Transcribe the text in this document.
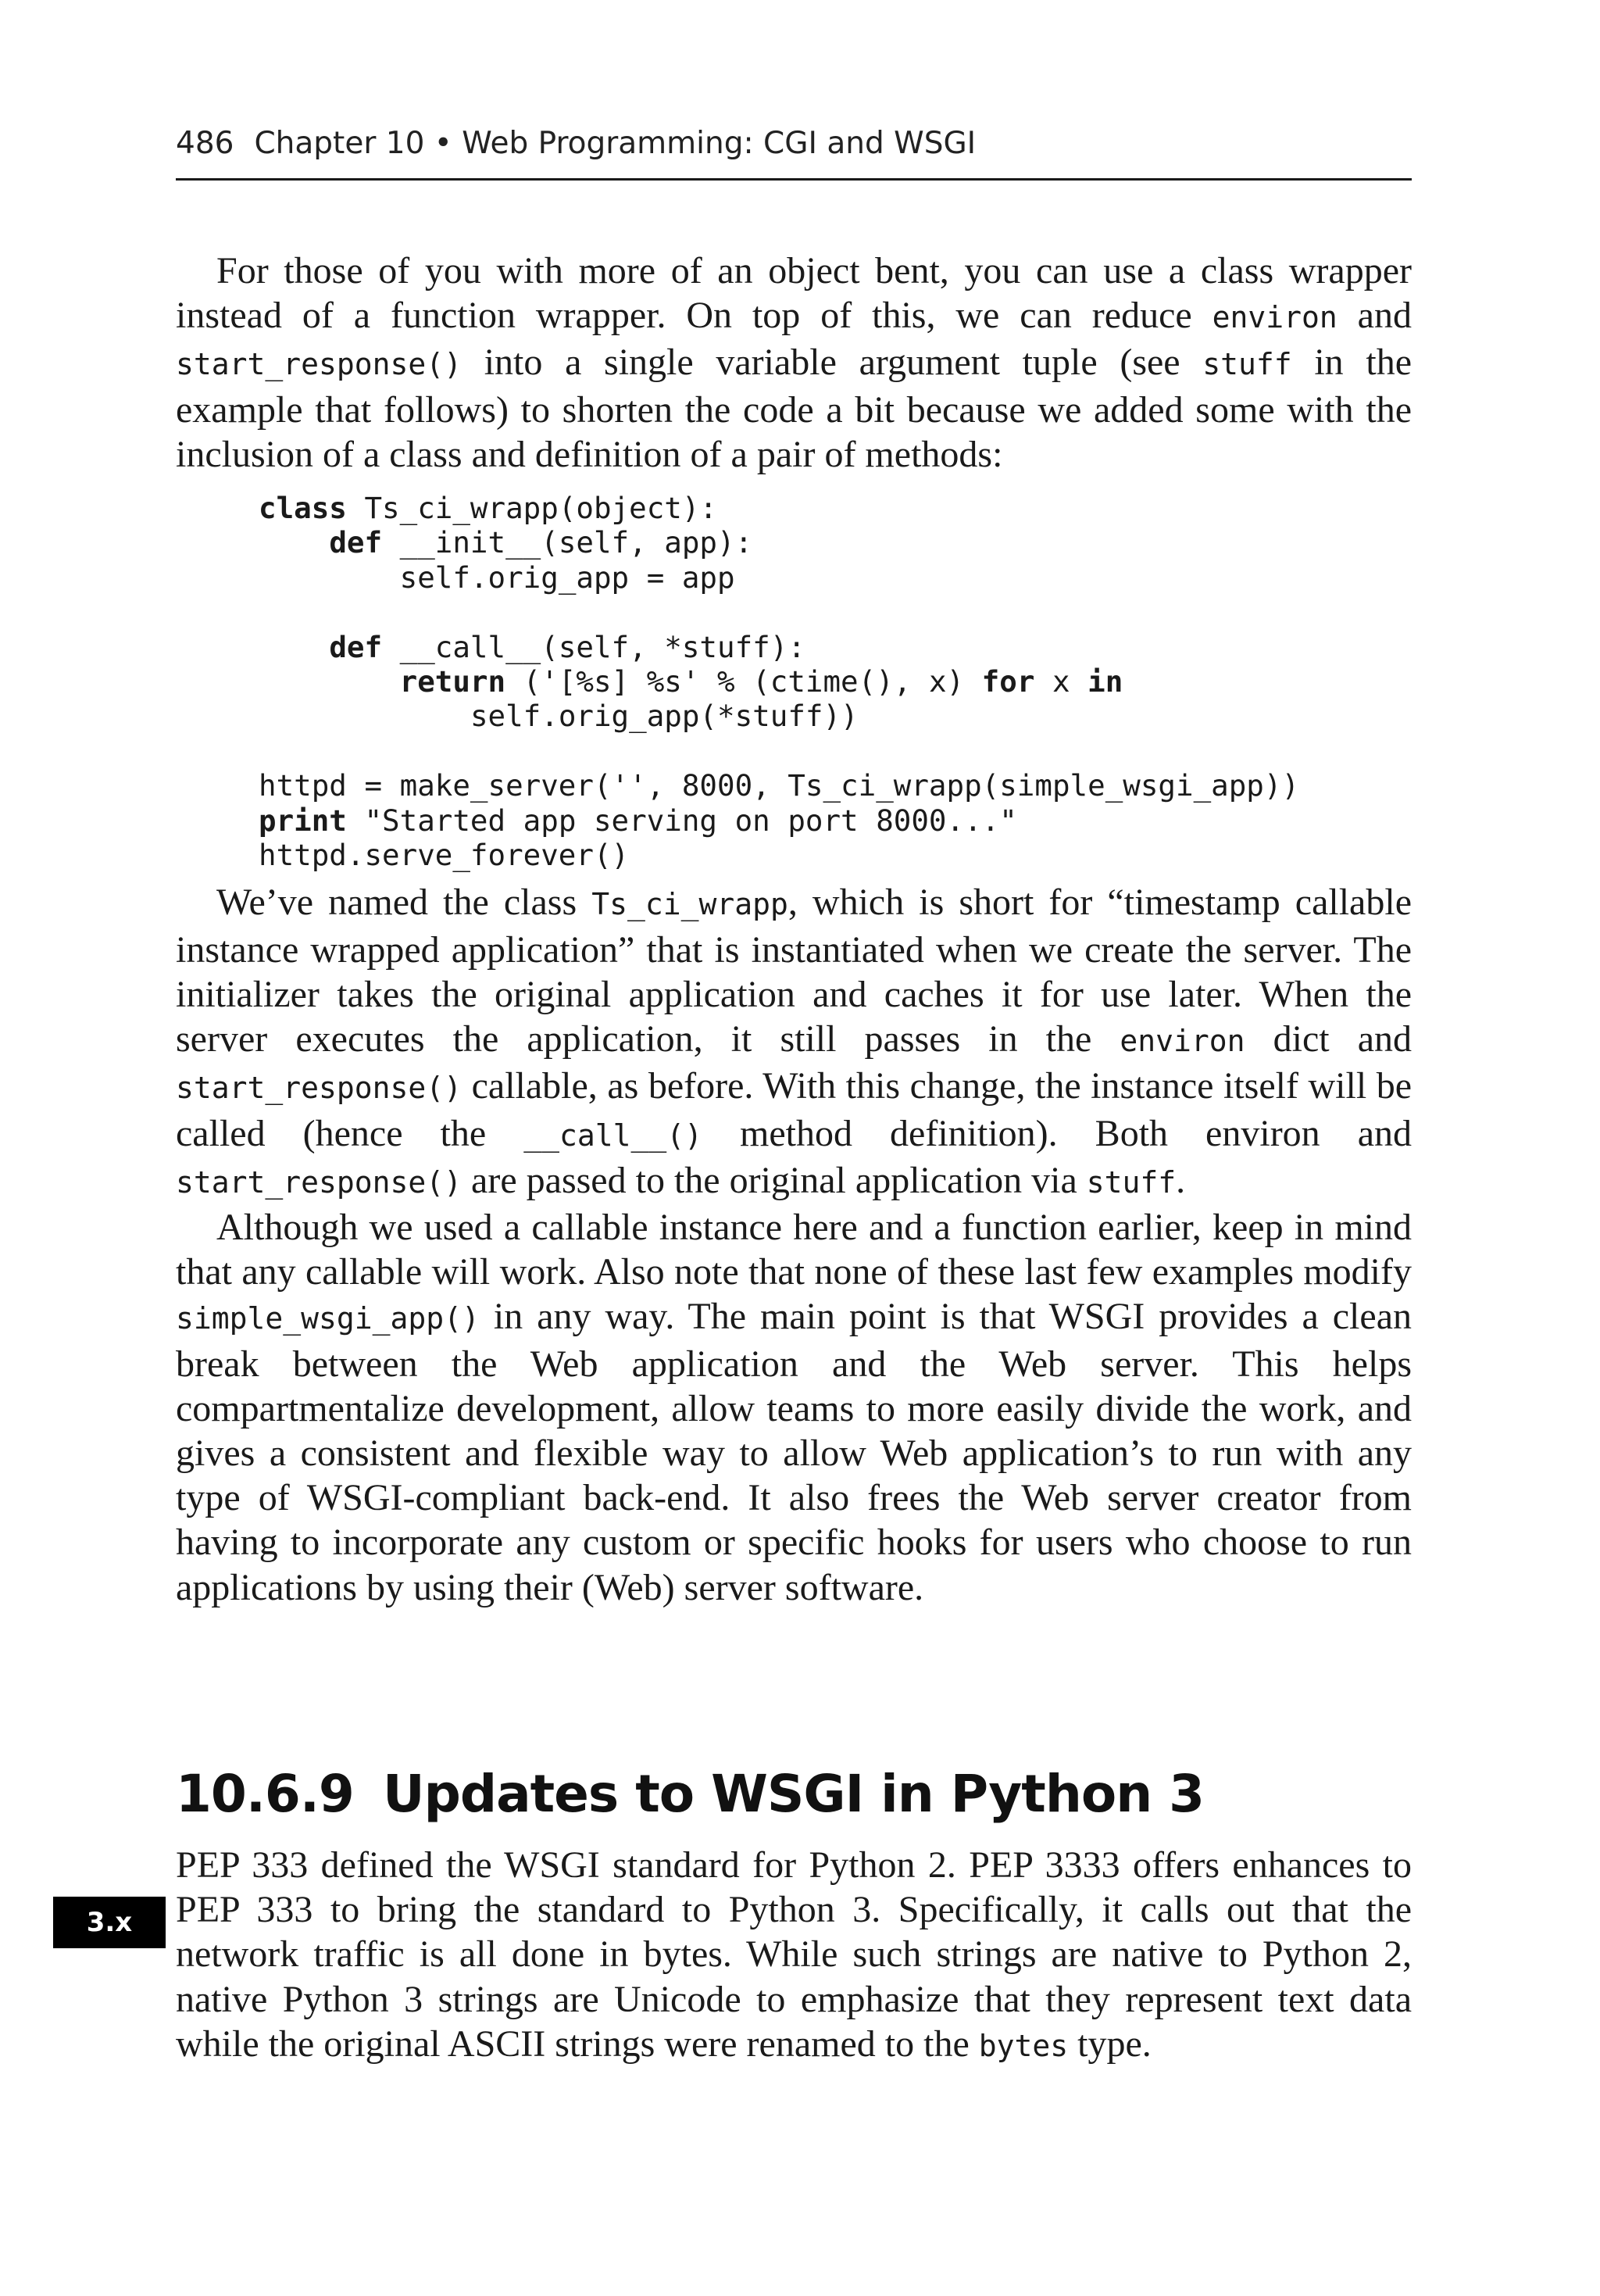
486 Chapter 10 • Web Programming: CGI and WSGI

For those of you with more of an object bent, you can use a class wrapper instead of a function wrapper. On top of this, we can reduce environ and start_response() into a single variable argument tuple (see stuff in the example that follows) to shorten the code a bit because we added some with the inclusion of a class and definition of a pair of methods:

class Ts_ci_wrapp(object):
def __init__(self, app):
self.orig_app = app

def __call__(self, *stuff):
return ('[%s] %s' % (ctime(), x) for x in
self.orig_app(*stuff))

httpd = make_server('', 8000, Ts_ci_wrapp(simple_wsgi_app))
print "Started app serving on port 8000..."
httpd.serve_forever()

We’ve named the class Ts_ci_wrapp, which is short for “timestamp callable instance wrapped application” that is instantiated when we create the server. The initializer takes the original application and caches it for use later. When the server executes the application, it still passes in the environ dict and start_response() callable, as before. With this change, the instance itself will be called (hence the __call__() method definition). Both environ and start_response() are passed to the original application via stuff.

Although we used a callable instance here and a function earlier, keep in mind that any callable will work. Also note that none of these last few examples modify simple_wsgi_app() in any way. The main point is that WSGI provides a clean break between the Web application and the Web server. This helps compartmentalize development, allow teams to more easily divide the work, and gives a consistent and flexible way to allow Web application’s to run with any type of WSGI-compliant back-end. It also frees the Web server creator from having to incorporate any custom or specific hooks for users who choose to run applications by using their (Web) server software.

10.6.9 Updates to WSGI in Python 3
3.x

PEP 333 defined the WSGI standard for Python 2. PEP 3333 offers enhances to PEP 333 to bring the standard to Python 3. Specifically, it calls out that the network traffic is all done in bytes. While such strings are native to Python 2, native Python 3 strings are Unicode to emphasize that they represent text data while the original ASCII strings were renamed to the bytes type.
